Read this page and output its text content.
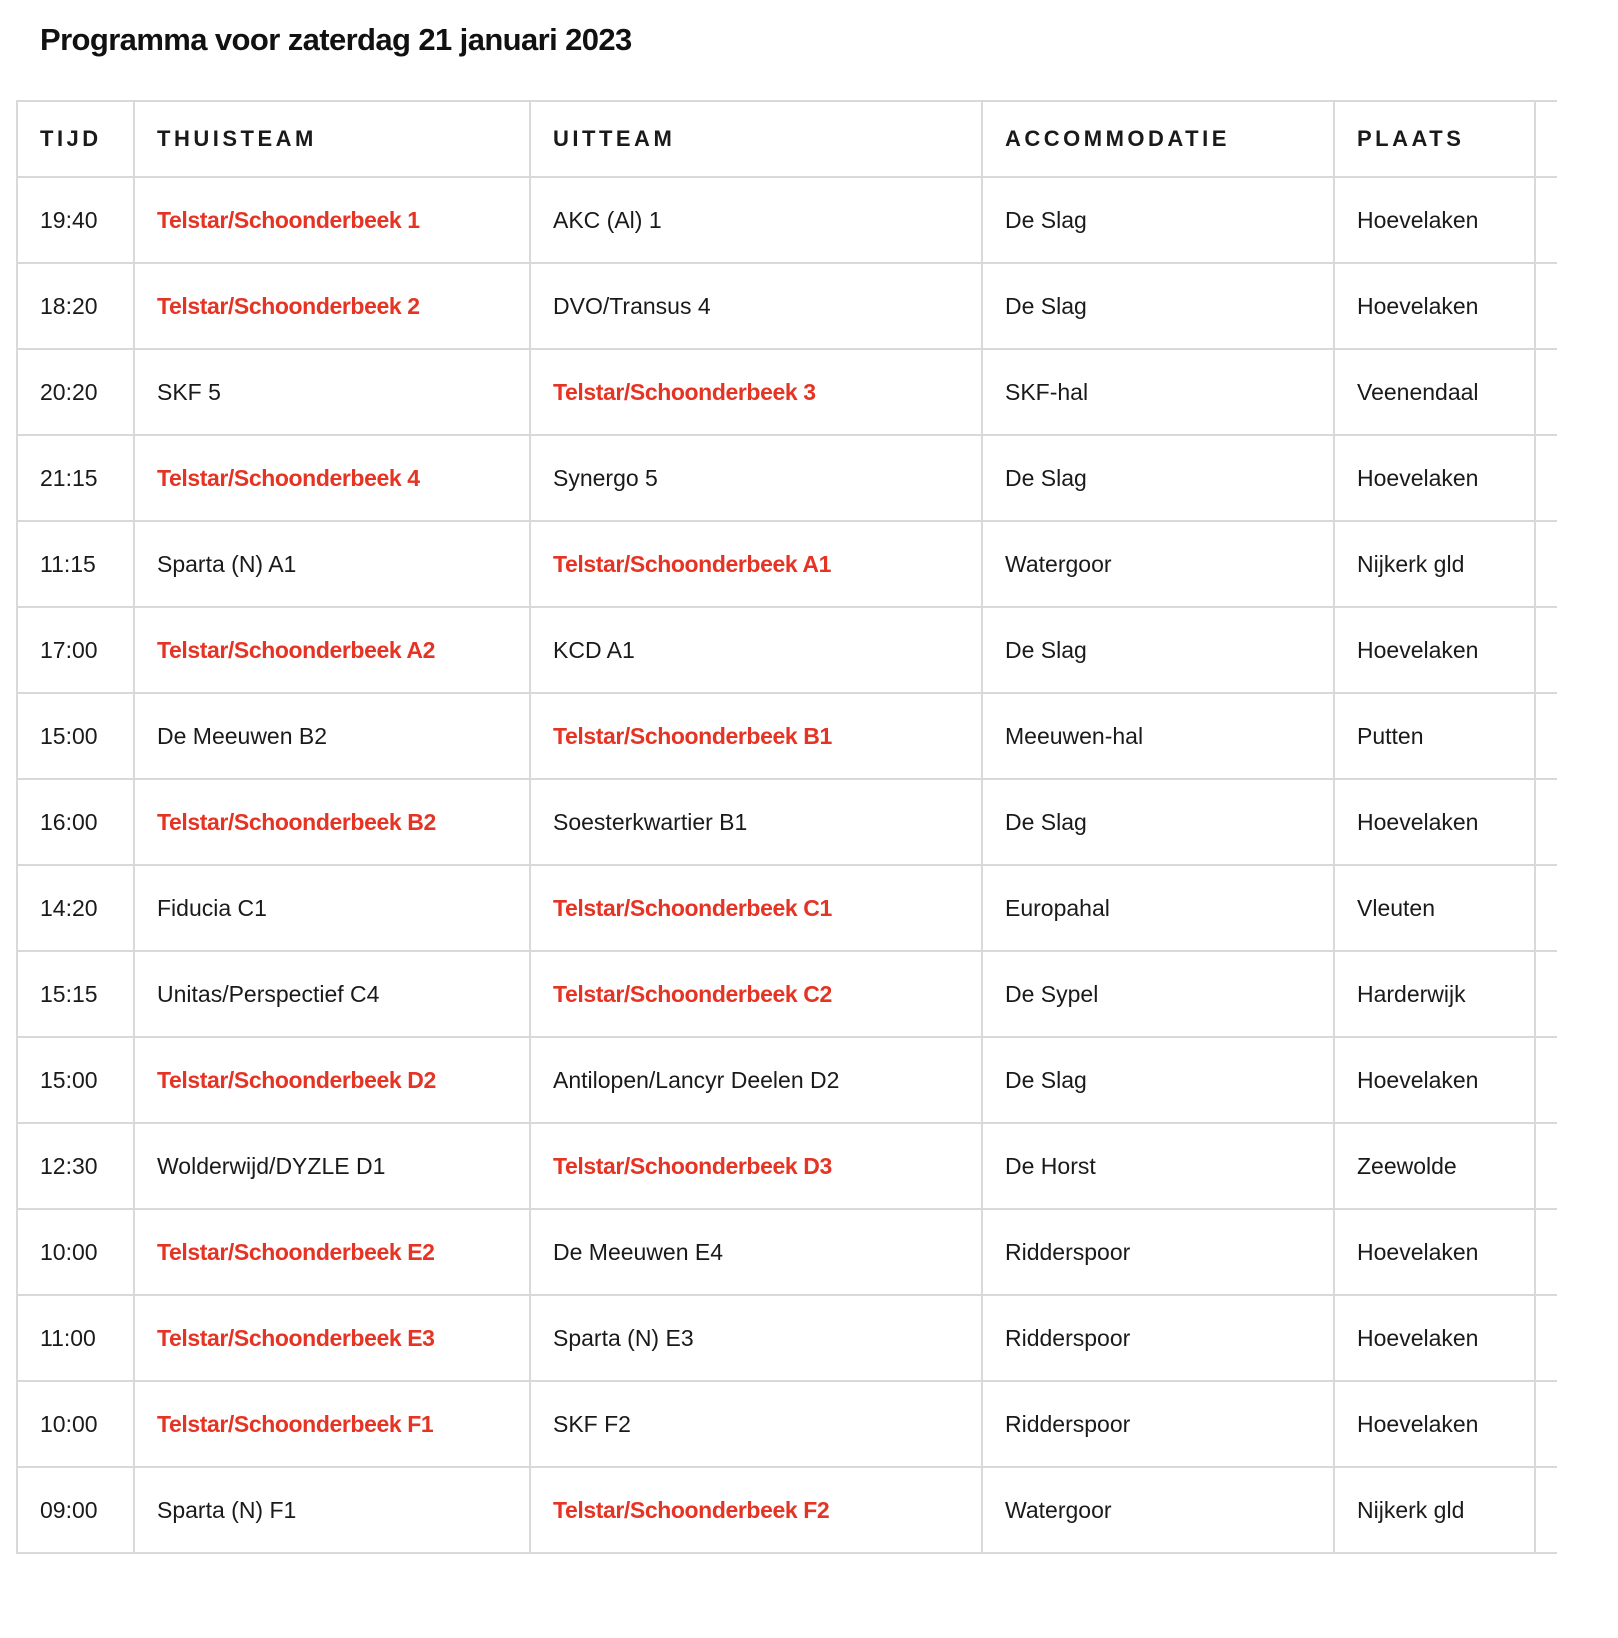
Programma voor zaterdag 21 januari 2023
TIJD	THUISTEAM	UITTEAM	ACCOMMODATIE	PLAATS	
19:40	Telstar/Schoonderbeek 1	AKC (Al) 1	De Slag	Hoevelaken	
18:20	Telstar/Schoonderbeek 2	DVO/Transus 4	De Slag	Hoevelaken	
20:20	SKF 5	Telstar/Schoonderbeek 3	SKF-hal	Veenendaal	
21:15	Telstar/Schoonderbeek 4	Synergo 5	De Slag	Hoevelaken	
11:15	Sparta (N) A1	Telstar/Schoonderbeek A1	Watergoor	Nijkerk gld	
17:00	Telstar/Schoonderbeek A2	KCD A1	De Slag	Hoevelaken	
15:00	De Meeuwen B2	Telstar/Schoonderbeek B1	Meeuwen-hal	Putten	
16:00	Telstar/Schoonderbeek B2	Soesterkwartier B1	De Slag	Hoevelaken	
14:20	Fiducia C1	Telstar/Schoonderbeek C1	Europahal	Vleuten	
15:15	Unitas/Perspectief C4	Telstar/Schoonderbeek C2	De Sypel	Harderwijk	
15:00	Telstar/Schoonderbeek D2	Antilopen/Lancyr Deelen D2	De Slag	Hoevelaken	
12:30	Wolderwijd/DYZLE D1	Telstar/Schoonderbeek D3	De Horst	Zeewolde	
10:00	Telstar/Schoonderbeek E2	De Meeuwen E4	Ridderspoor	Hoevelaken	
11:00	Telstar/Schoonderbeek E3	Sparta (N) E3	Ridderspoor	Hoevelaken	
10:00	Telstar/Schoonderbeek F1	SKF F2	Ridderspoor	Hoevelaken	
09:00	Sparta (N) F1	Telstar/Schoonderbeek F2	Watergoor	Nijkerk gld	
